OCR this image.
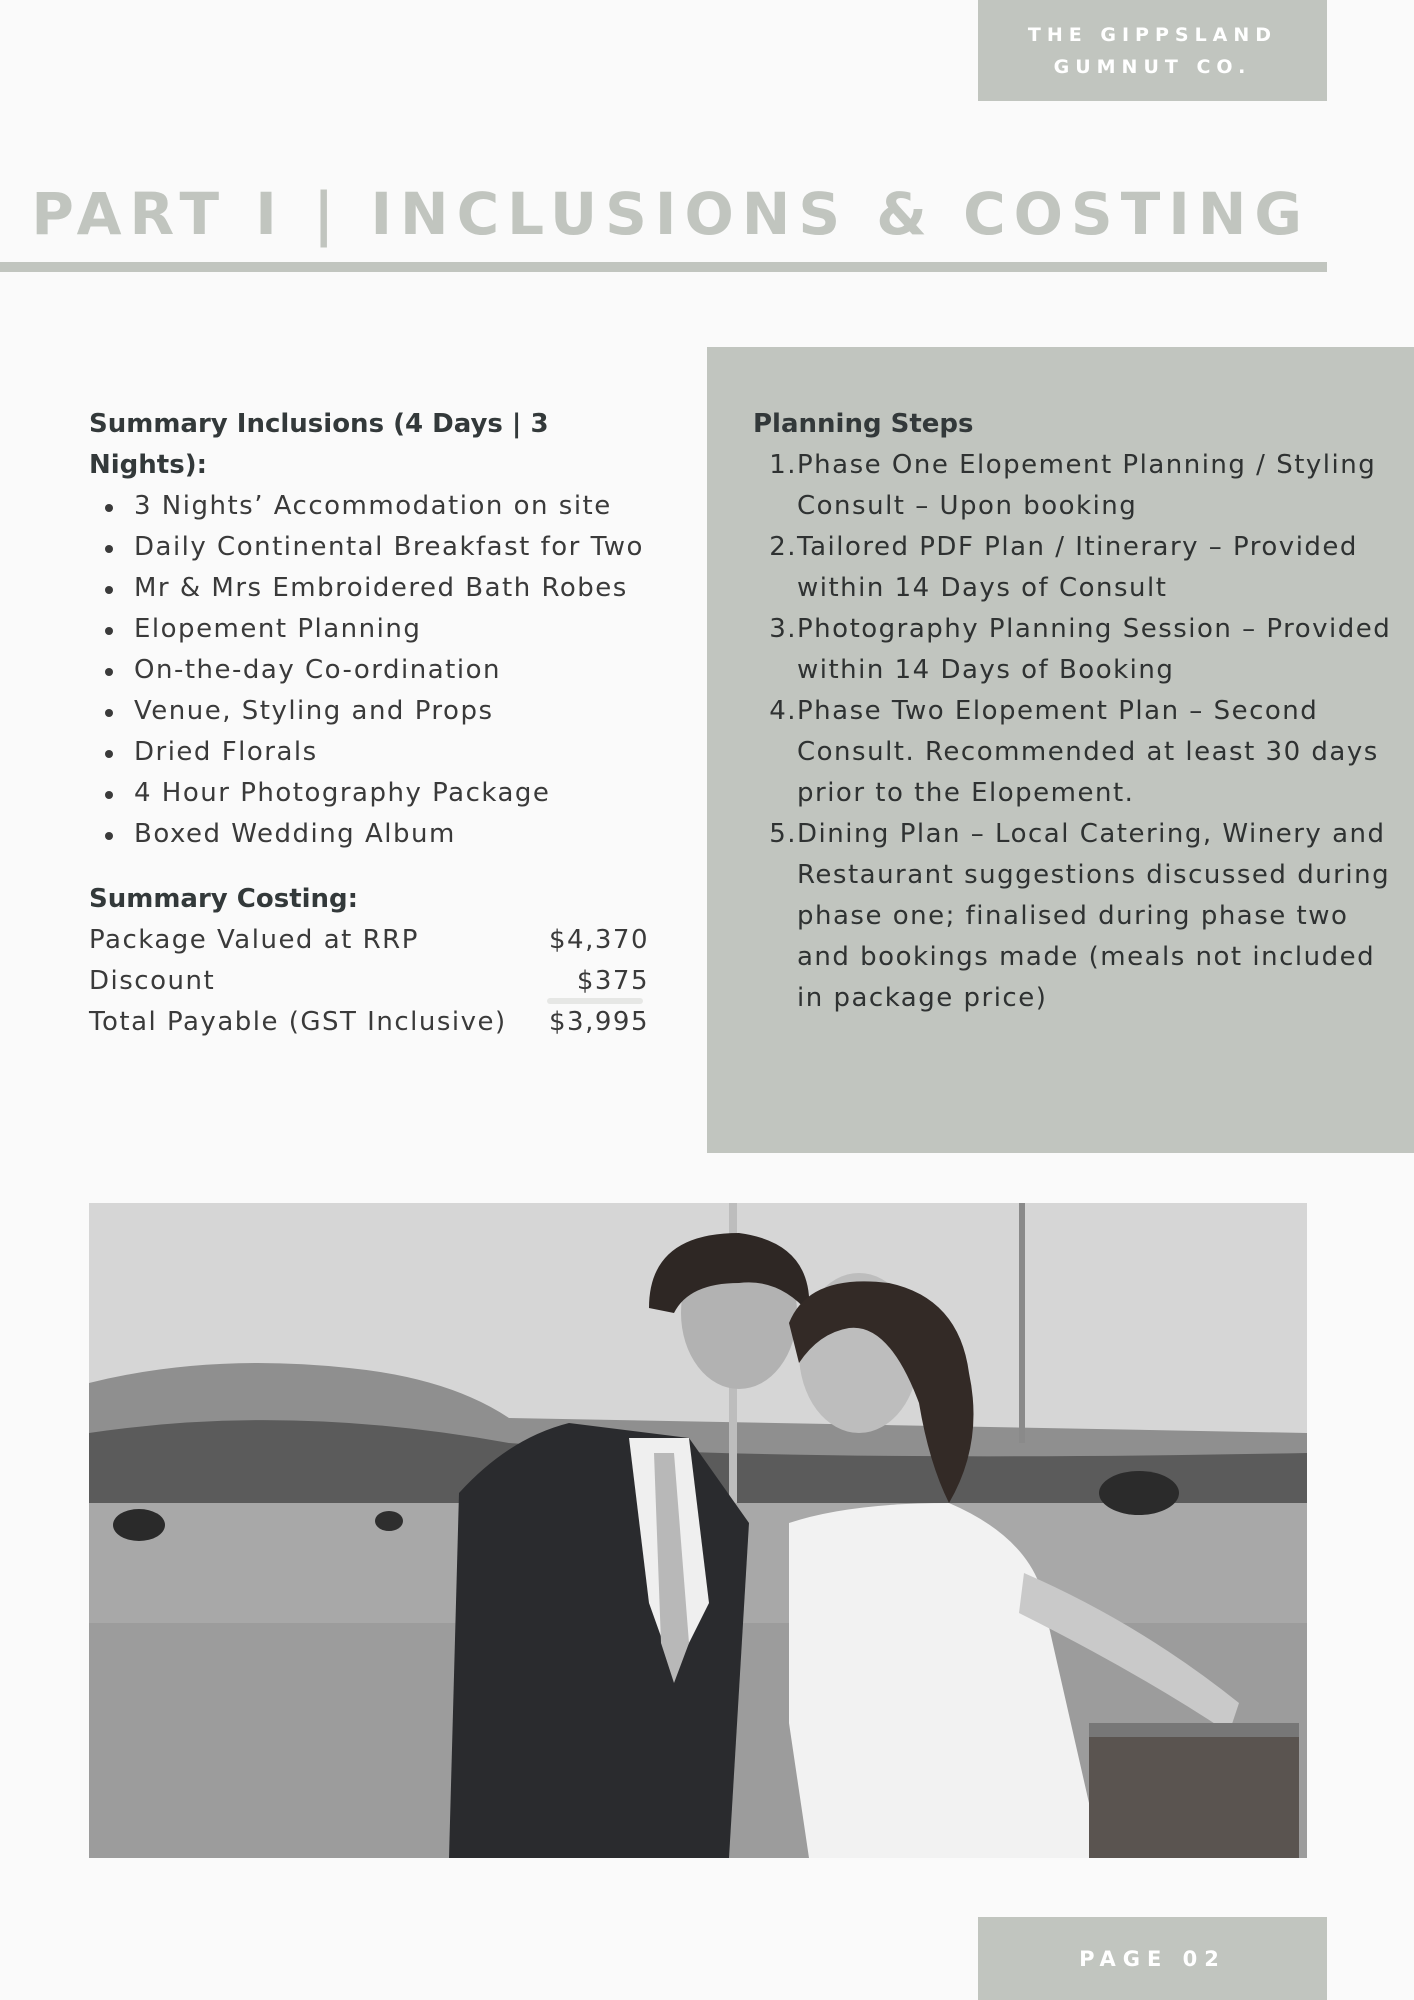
THE GIPPSLAND
GUMNUT CO.
PART I | INCLUSIONS & COSTING
Summary Inclusions (4 Days | 3 Nights):
3 Nights’ Accommodation on site
Daily Continental Breakfast for Two
Mr & Mrs Embroidered Bath Robes
Elopement Planning
On-the-day Co-ordination
Venue, Styling and Props
Dried Florals
4 Hour Photography Package
Boxed Wedding Album
Summary Costing:
Package Valued at RRP	$4,370
Discount	$375
Total Payable (GST Inclusive) $3,995
Planning Steps
1. Phase One Elopement Planning / Styling Consult – Upon booking
2. Tailored PDF Plan / Itinerary – Provided within 14 Days of Consult
3. Photography Planning Session – Provided within 14 Days of Booking
4. Phase Two Elopement Plan – Second Consult. Recommended at least 30 days prior to the Elopement.
5. Dining Plan – Local Catering, Winery and Restaurant suggestions discussed during phase one; finalised during phase two and bookings made (meals not included in package price)
PAGE 02
